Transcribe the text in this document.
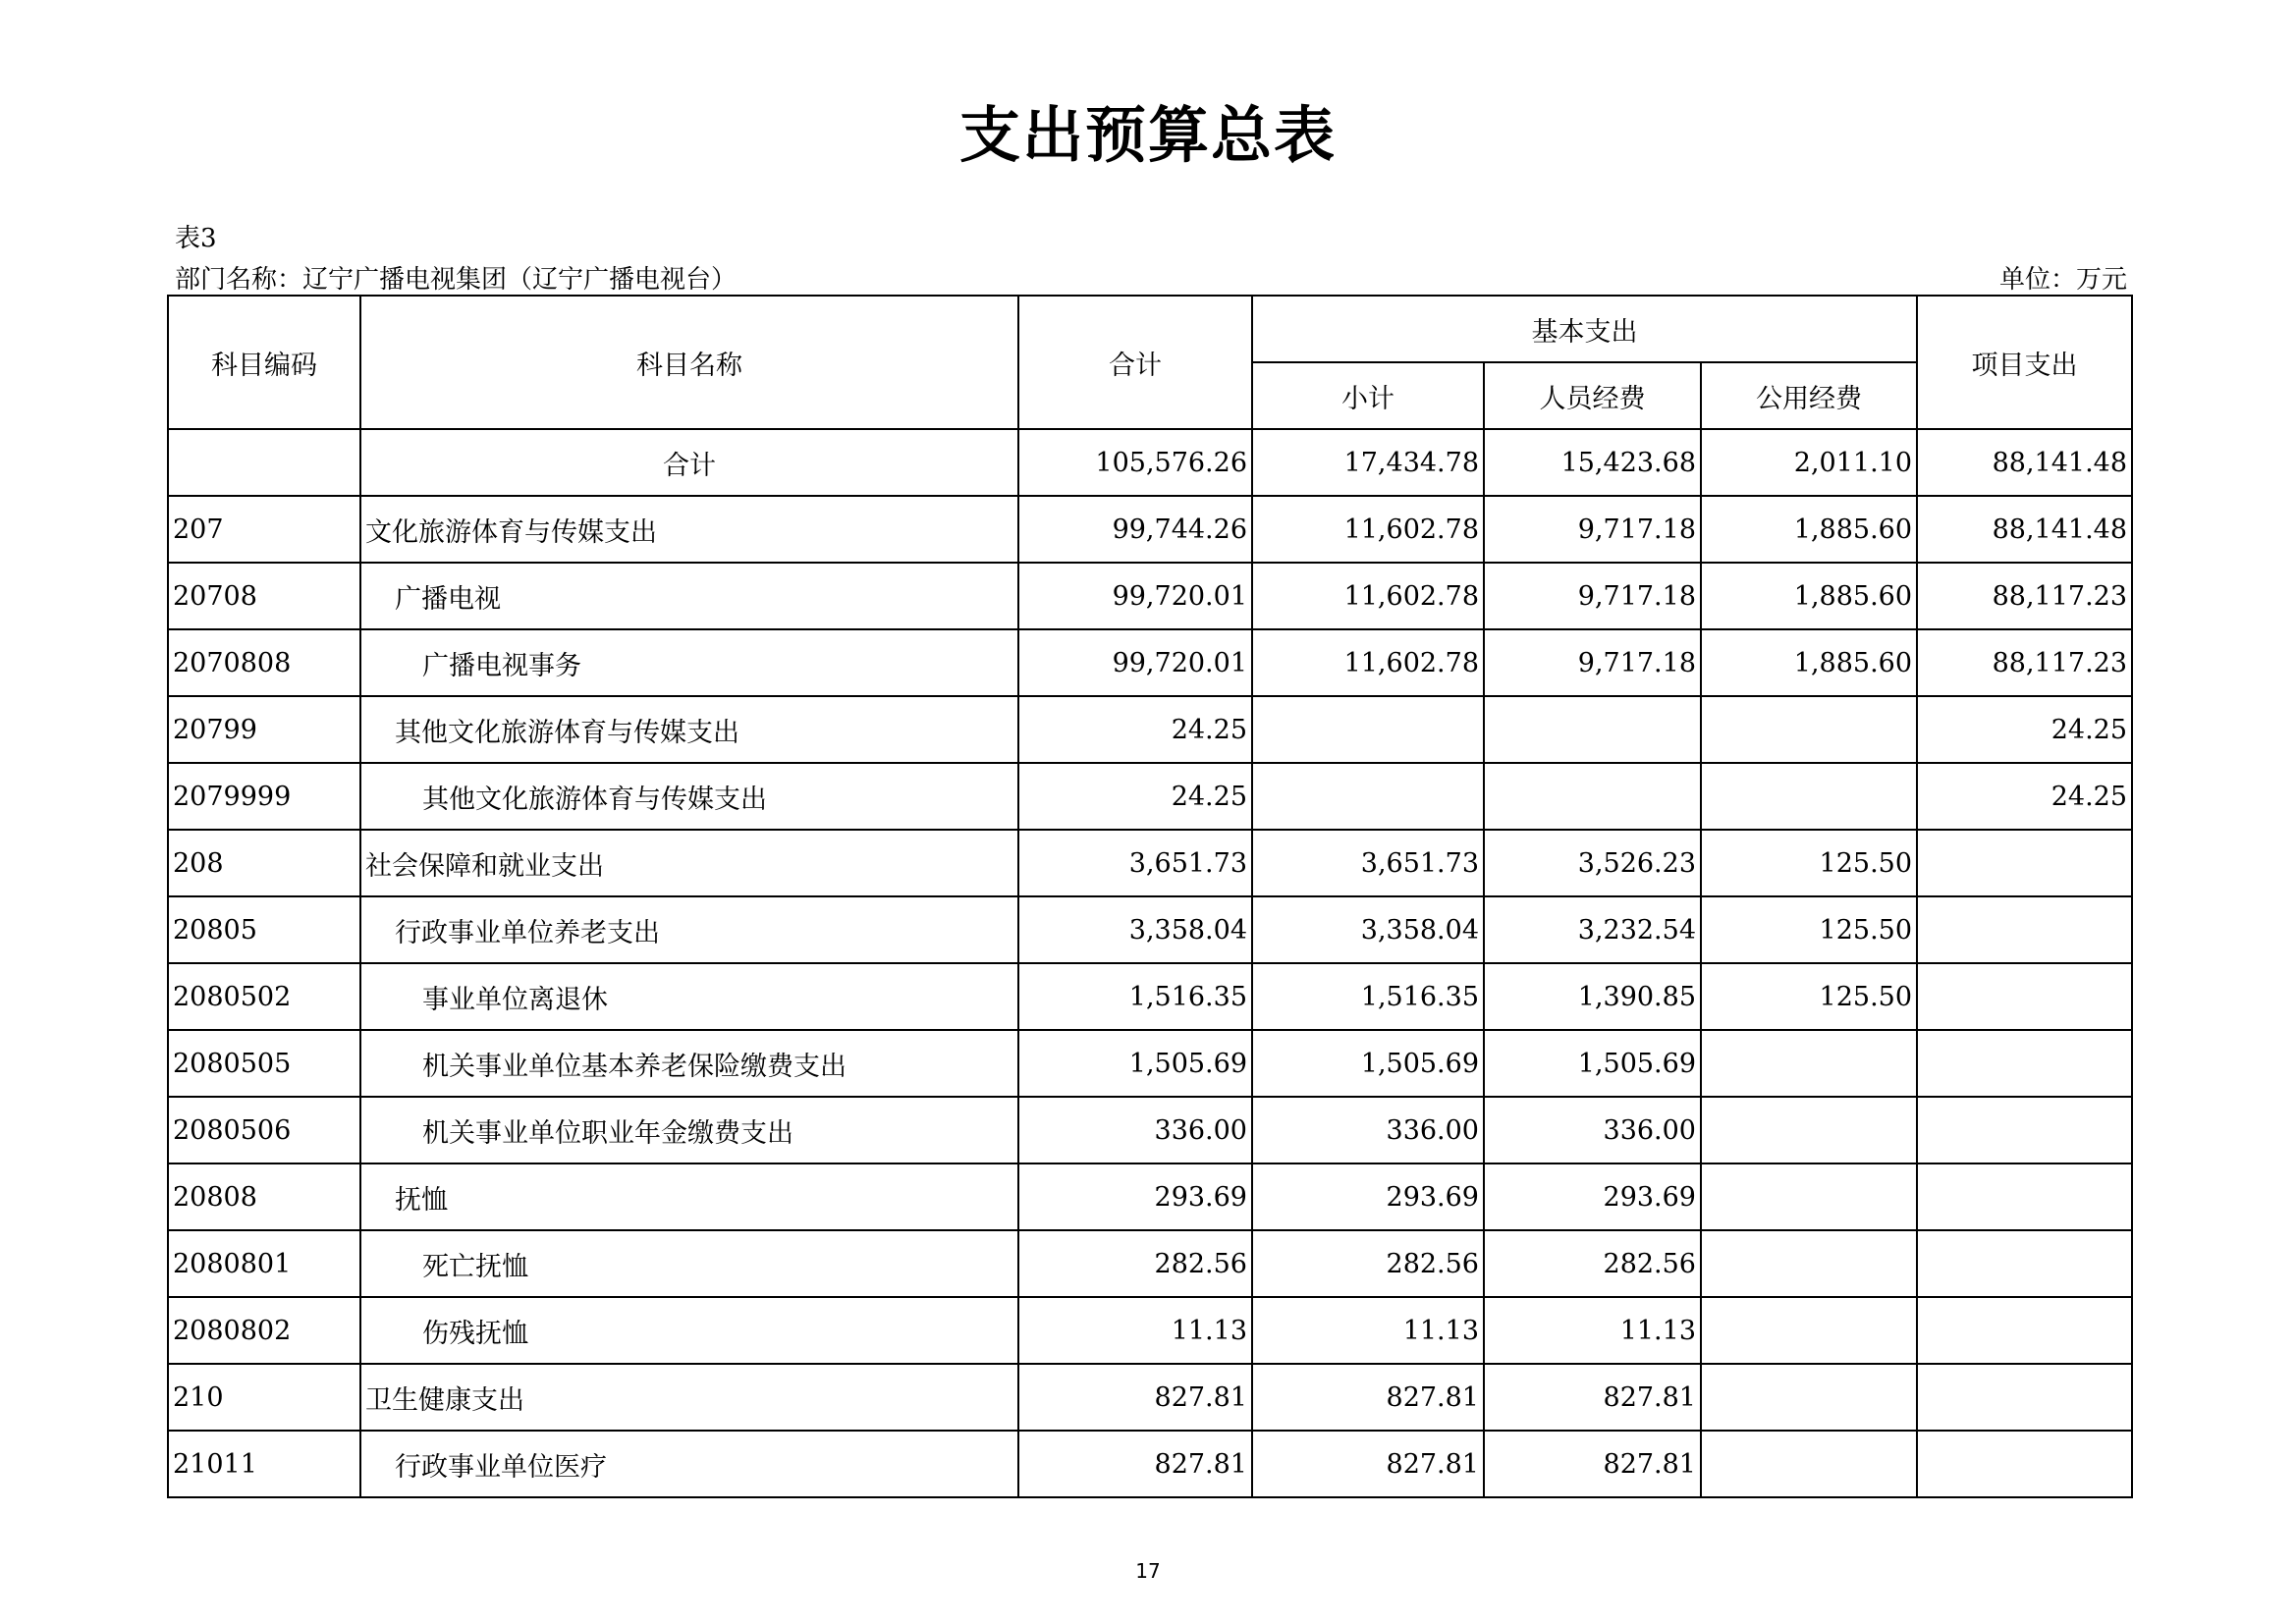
支出预算总表
表3
部门名称：辽宁广播电视集团（辽宁广播电视台）	单位：万元
科目编码	科目名称	合计	基本支出			项目支出
			小计	人员经费	公用经费	
	合计	105,576.26	17,434.78	15,423.68	2,011.10	88,141.48
207	文化旅游体育与传媒支出	99,744.26	11,602.78	9,717.18	1,885.60	88,141.48
20708	广播电视	99,720.01	11,602.78	9,717.18	1,885.60	88,117.23
2070808	广播电视事务	99,720.01	11,602.78	9,717.18	1,885.60	88,117.23
20799	其他文化旅游体育与传媒支出	24.25				24.25
2079999	其他文化旅游体育与传媒支出	24.25				24.25
208	社会保障和就业支出	3,651.73	3,651.73	3,526.23	125.50	
20805	行政事业单位养老支出	3,358.04	3,358.04	3,232.54	125.50	
2080502	事业单位离退休	1,516.35	1,516.35	1,390.85	125.50	
2080505	机关事业单位基本养老保险缴费支出	1,505.69	1,505.69	1,505.69		
2080506	机关事业单位职业年金缴费支出	336.00	336.00	336.00		
20808	抚恤	293.69	293.69	293.69		
2080801	死亡抚恤	282.56	282.56	282.56		
2080802	伤残抚恤	11.13	11.13	11.13		
210	卫生健康支出	827.81	827.81	827.81		
21011	行政事业单位医疗	827.81	827.81	827.81		
17
